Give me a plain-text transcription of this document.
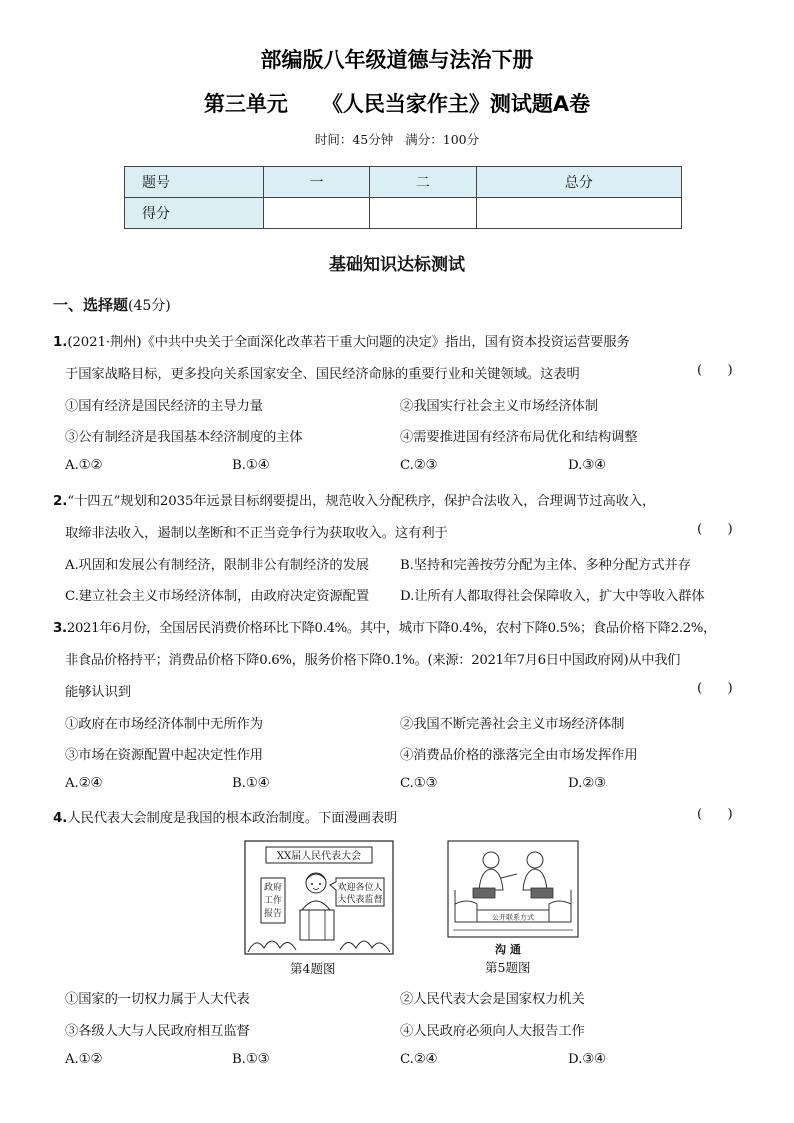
部编版八年级道德与法治下册
第三单元 《人民当家作主》测试题A卷
时间：45分钟 满分：100分
题号	一	二	总分
得分			
基础知识达标测试
一、选择题(45分)
1.(2021·荆州)《中共中央关于全面深化改革若干重大问题的决定》指出，国有资本投资运营要服务
于国家战略目标，更多投向关系国家安全、国民经济命脉的重要行业和关键领域。这表明	(      )
①国有经济是国民经济的主导力量	②我国实行社会主义市场经济体制
③公有制经济是我国基本经济制度的主体	④需要推进国有经济布局优化和结构调整
A.①②	B.①④	C.②③	D.③④
2.“十四五”规划和2035年远景目标纲要提出，规范收入分配秩序，保护合法收入，合理调节过高收入，
取缔非法收入，遏制以垄断和不正当竞争行为获取收入。这有利于	(      )
A.巩固和发展公有制经济，限制非公有制经济的发展 B.坚持和完善按劳分配为主体、多种分配方式并存
C.建立社会主义市场经济体制，由政府决定资源配置 D.让所有人都取得社会保障收入，扩大中等收入群体
3.2021年6月份，全国居民消费价格环比下降0.4%。其中，城市下降0.4%，农村下降0.5%；食品价格下降2.2%，
非食品价格持平；消费品价格下降0.6%，服务价格下降0.1%。(来源：2021年7月6日中国政府网)从中我们
能够认识到	(      )
①政府在市场经济体制中无所作为	②我国不断完善社会主义市场经济体制
③市场在资源配置中起决定性作用	④消费品价格的涨落完全由市场发挥作用
A.②④	B.①④	C.①③	D.②③
4.人民代表大会制度是我国的根本政治制度。下面漫画表明	(      )
XX届人民代表大会
政府
工作
报告
欢迎各位人
大代表监督
第4题图
公开联系方式
沟 通
第5题图
①国家的一切权力属于人大代表	②人民代表大会是国家权力机关
③各级人大与人民政府相互监督	④人民政府必须向人大报告工作
A.①②	B.①③	C.②④	D.③④
